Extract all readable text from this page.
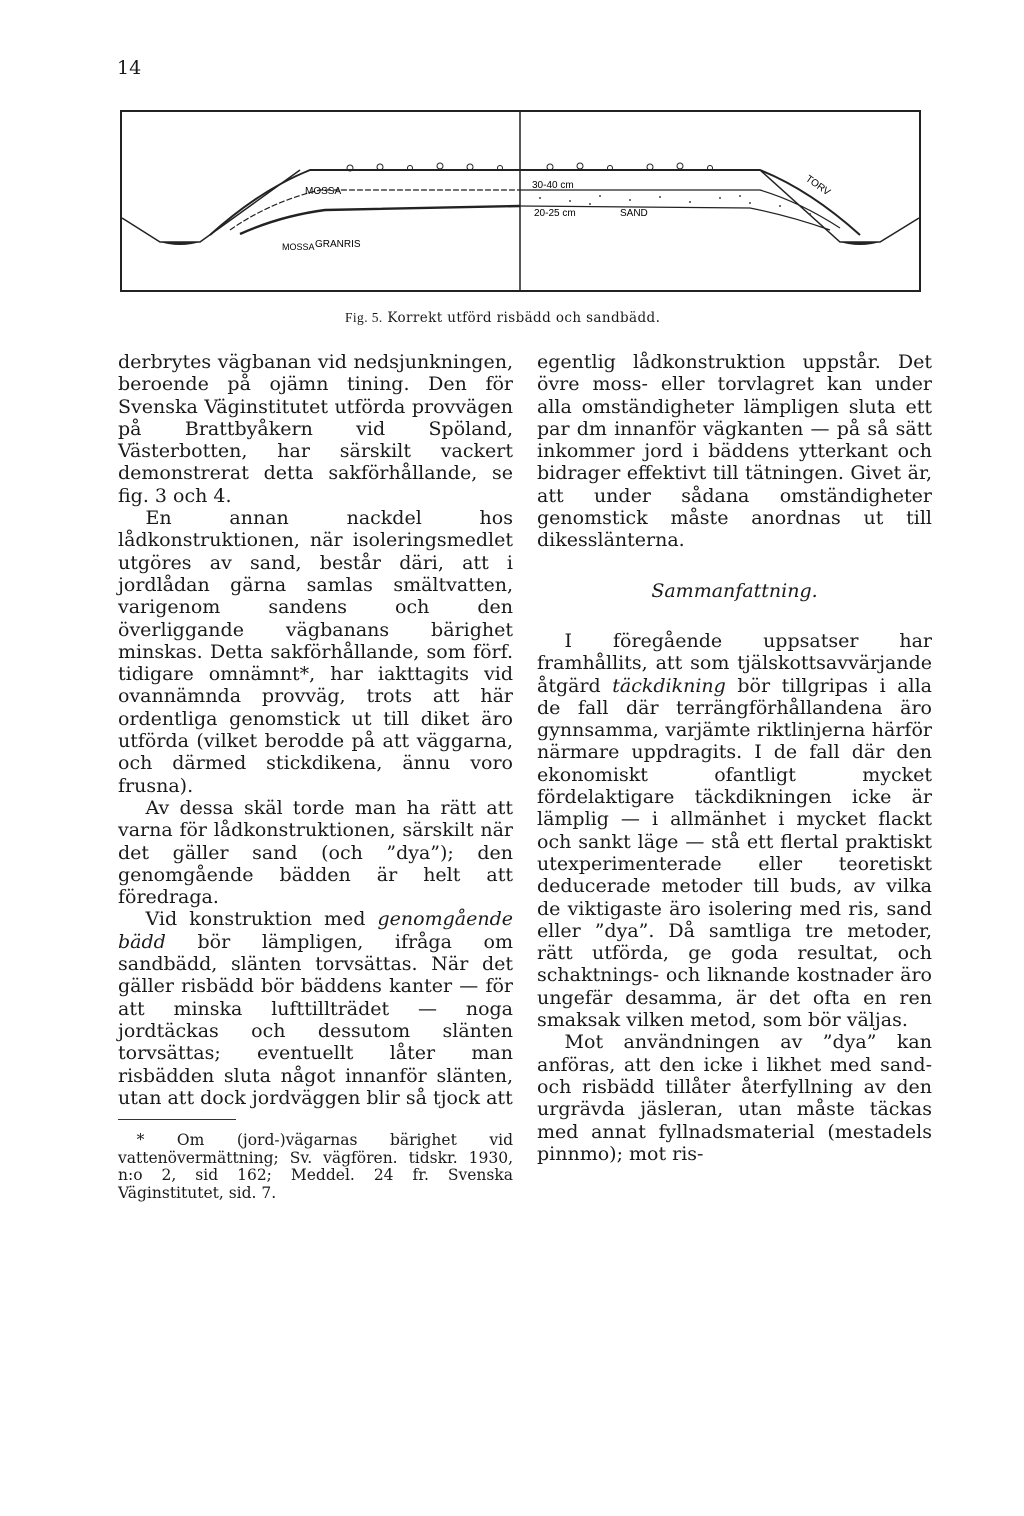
14
MOSSA
MOSSA GRANRIS
30-40 cm
20-25 cm	SAND
TORV
Fig. 5. Korrekt utförd risbädd och sandbädd.

derbrytes vägbanan vid nedsjunkningen, beroende på ojämn tining. Den för Svenska Väginstitutet utförda provvägen på Brattbyåkern vid Spöland, Västerbotten, har särskilt vackert demonstrerat detta sakförhållande, se fig. 3 och 4.

En annan nackdel hos lådkonstruktionen, när isoleringsmedlet utgöres av sand, består däri, att i jordlådan gärna samlas smältvatten, varigenom sandens och den överliggande vägbanans bärighet minskas. Detta sakförhållande, som förf. tidigare omnämnt*, har iakttagits vid ovannämnda provväg, trots att här ordentliga genomstick ut till diket äro utförda (vilket berodde på att väggarna, och därmed stickdikena, ännu voro frusna).

Av dessa skäl torde man ha rätt att varna för lådkonstruktionen, särskilt när det gäller sand (och ”dya”); den genomgående bädden är helt att föredraga.

Vid konstruktion med genomgående bädd bör lämpligen, ifråga om sandbädd, slänten torvsättas. När det gäller risbädd bör bäddens kanter — för att minska lufttillträdet — noga jordtäckas och dessutom slänten torvsättas; eventuellt låter man risbädden sluta något innanför slänten, utan att dock jordväggen blir så tjock att

* Om (jord-)vägarnas bärighet vid vattenövermättning; Sv. vägfören. tidskr. 1930, n:o 2, sid 162; Meddel. 24 fr. Svenska Väginstitutet, sid. 7.

egentlig lådkonstruktion uppstår. Det övre moss- eller torvlagret kan under alla omständigheter lämpligen sluta ett par dm innanför vägkanten — på så sätt inkommer jord i bäddens ytterkant och bidrager effektivt till tätningen. Givet är, att under sådana omständigheter genomstick måste anordnas ut till dikesslänterna.

Sammanfattning.

I föregående uppsatser har framhållits, att som tjälskottsavvärjande åtgärd täckdikning bör tillgripas i alla de fall där terrängförhållandena äro gynnsamma, varjämte riktlinjerna härför närmare uppdragits. I de fall där den ekonomiskt ofantligt mycket fördelaktigare täckdikningen icke är lämplig — i allmänhet i mycket flackt och sankt läge — stå ett flertal praktiskt utexperimenterade eller teoretiskt deducerade metoder till buds, av vilka de viktigaste äro isolering med ris, sand eller ”dya”. Då samtliga tre metoder, rätt utförda, ge goda resultat, och schaktnings- och liknande kostnader äro ungefär desamma, är det ofta en ren smaksak vilken metod, som bör väljas.

Mot användningen av ”dya” kan anföras, att den icke i likhet med sand- och risbädd tillåter återfyllning av den urgrävda jäsleran, utan måste täckas med annat fyllnadsmaterial (mestadels pinnmo); mot ris-
